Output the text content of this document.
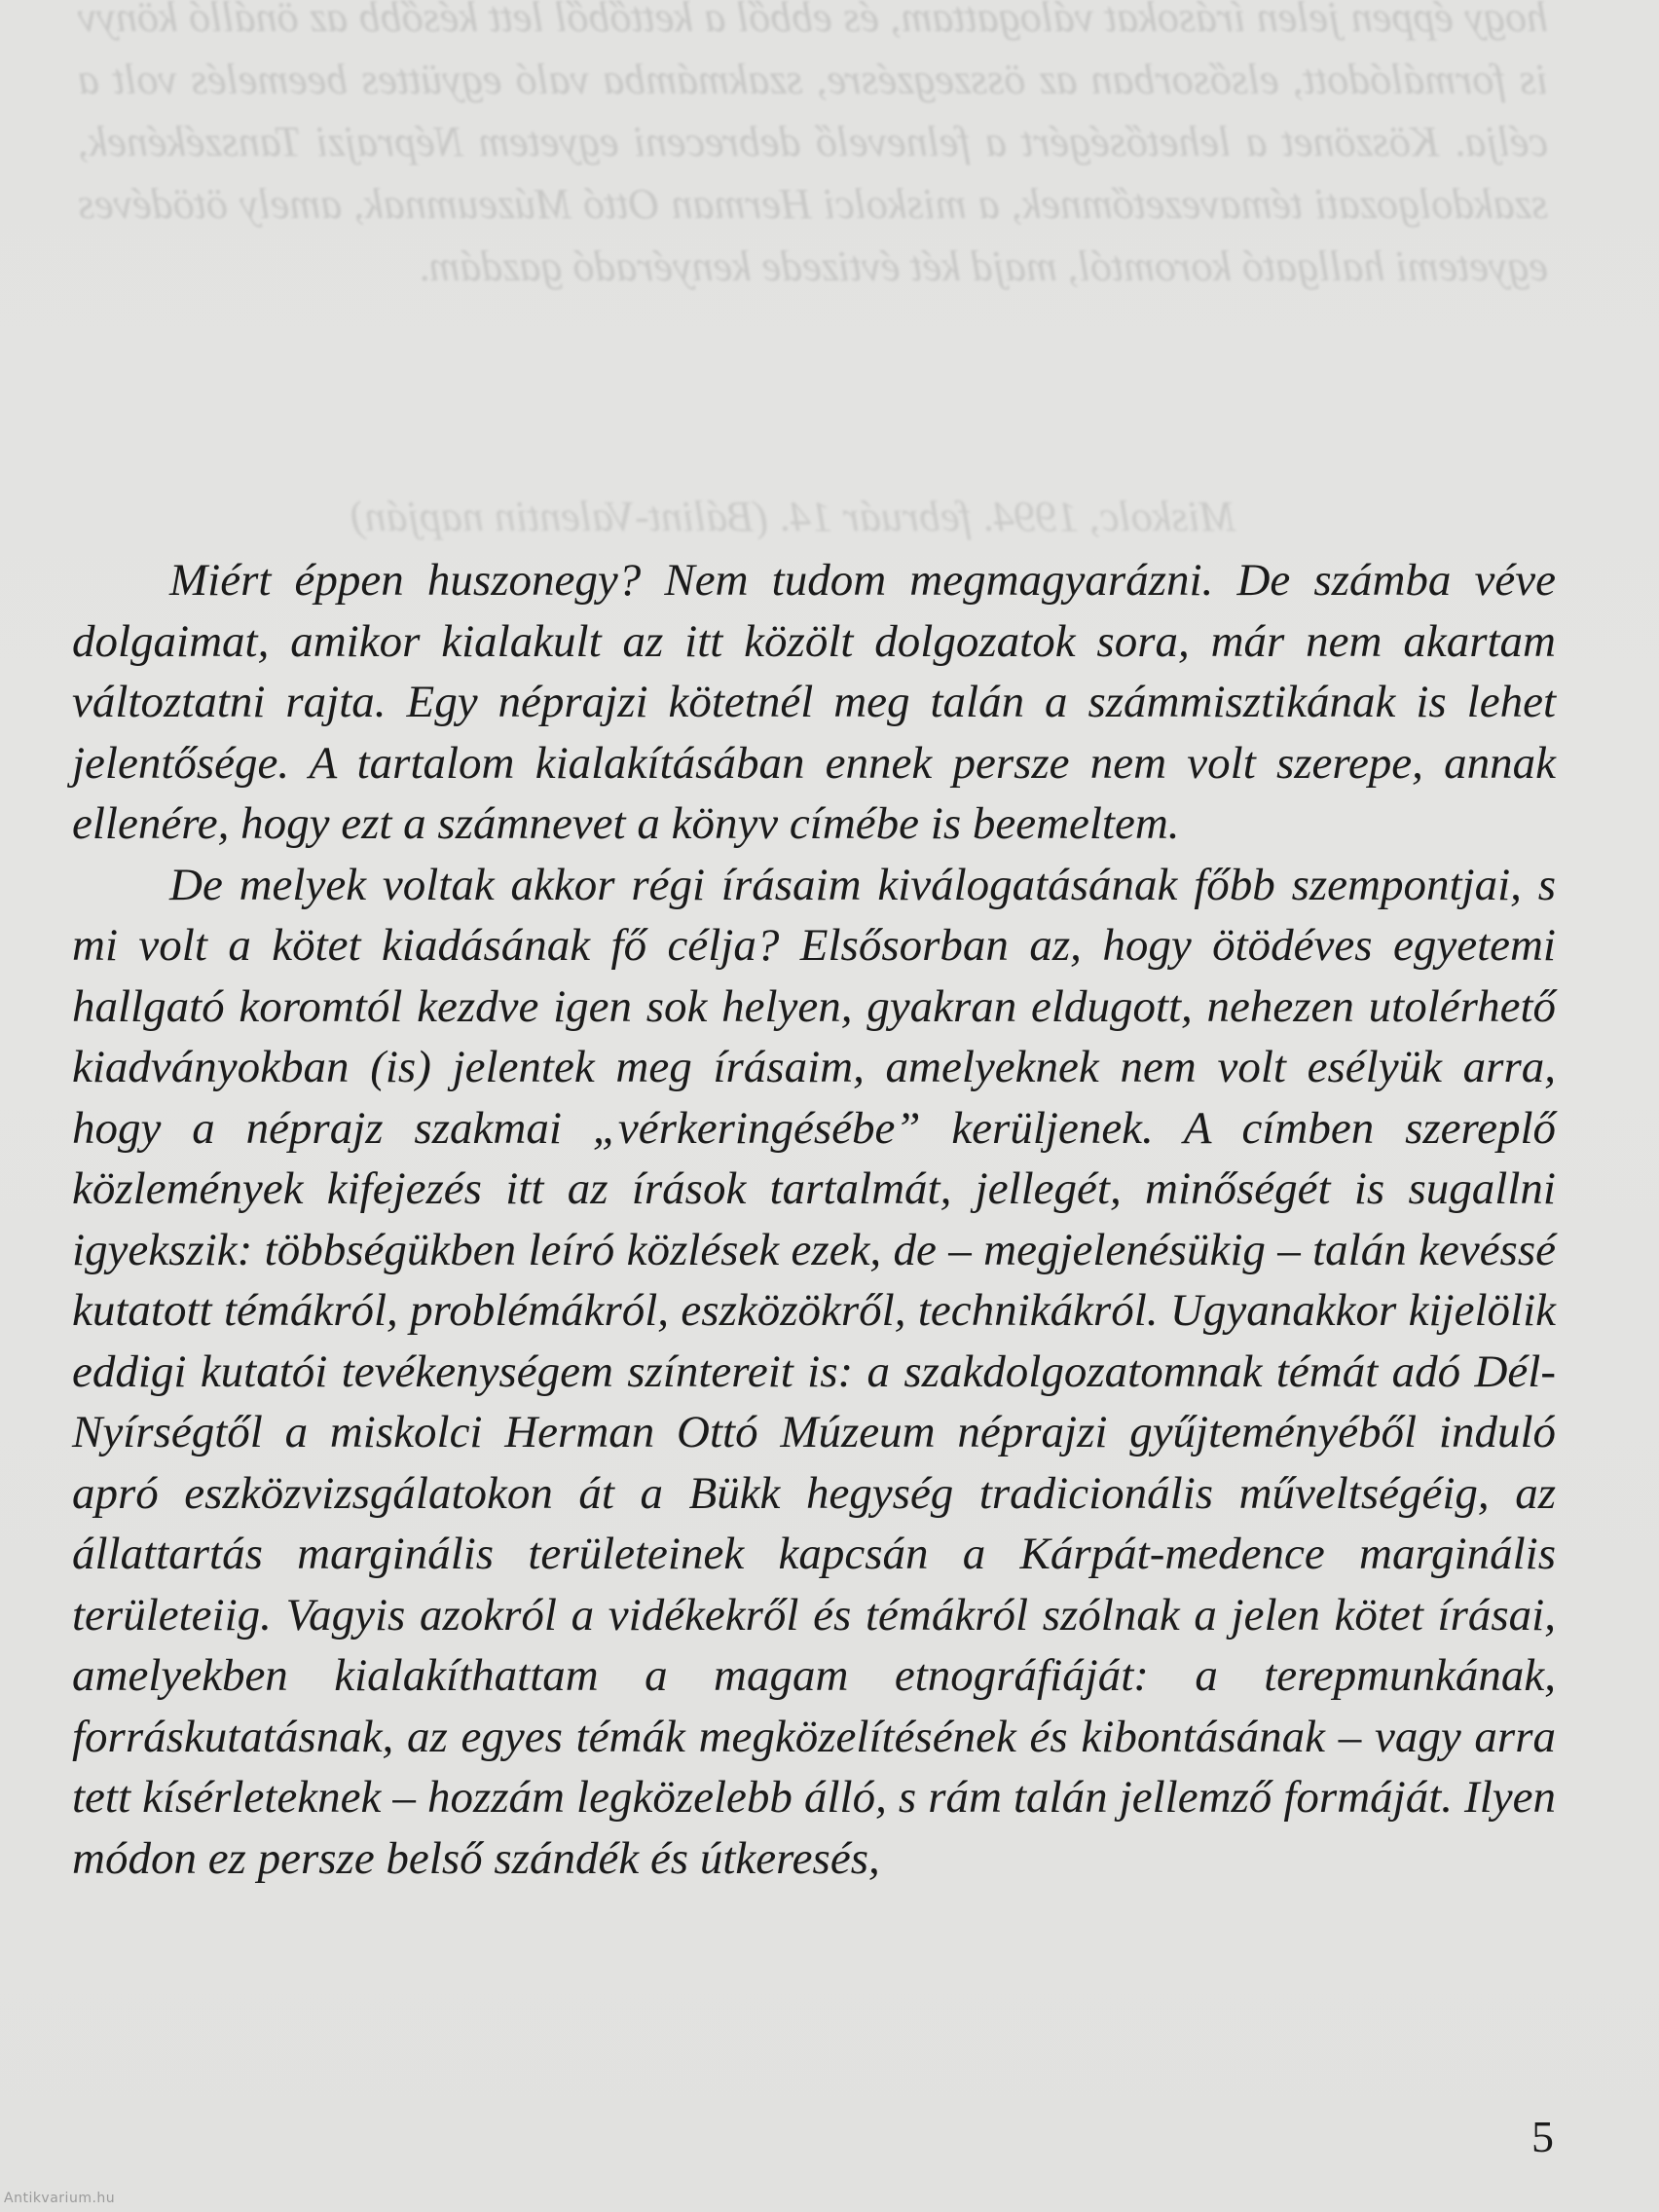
hogy éppen jelen írásokat válogattam, és ebből a kettőből lett később az önálló könyv is formálódott, elsősorban az összegzésre, szakmámba való együttes beemelés volt a célja. Köszönet a lehetőségért a felnevelő debreceni egyetem Néprajzi Tanszékének, szakdolgozati témavezetőmnek, a miskolci Herman Ottó Múzeumnak, amely ötödéves egyetemi hallgató koromtól, majd két évtizede kenyéradó gazdám.

Miskolc, 1994. február 14. (Bálint-Valentin napján)

Miért éppen huszonegy? Nem tudom megmagyarázni. De számba véve dolgaimat, amikor kialakult az itt közölt dolgozatok sora, már nem akartam változtatni rajta. Egy néprajzi kötetnél meg talán a számmisztikának is lehet jelentősége. A tartalom kialakításában ennek persze nem volt szerepe, annak ellenére, hogy ezt a számnevet a könyv címébe is beemeltem.

De melyek voltak akkor régi írásaim kiválogatásának főbb szempontjai, s mi volt a kötet kiadásának fő célja? Elsősorban az, hogy ötödéves egyetemi hallgató koromtól kezdve igen sok helyen, gyakran eldugott, nehezen utolérhető kiadványokban (is) jelentek meg írásaim, amelyeknek nem volt esélyük arra, hogy a néprajz szakmai „vérkeringésébe” kerüljenek. A címben szereplő közlemények kifejezés itt az írások tartalmát, jellegét, minőségét is sugallni igyekszik: többségükben leíró közlések ezek, de – megjelenésükig – talán kevéssé kutatott témákról, problémákról, eszközökről, technikákról. Ugyanakkor kijelölik eddigi kutatói tevékenységem színtereit is: a szakdolgozatomnak témát adó Dél-Nyírségtől a miskolci Herman Ottó Múzeum néprajzi gyűjteményéből induló apró eszközvizsgálatokon át a Bükk hegység tradicionális műveltségéig, az állattartás marginális területeinek kapcsán a Kárpát-medence marginális területeiig. Vagyis azokról a vidékekről és témákról szólnak a jelen kötet írásai, amelyekben kialakíthattam a magam etnográfiáját: a terepmunkának, forráskutatásnak, az egyes témák megközelítésének és kibontásának – vagy arra tett kísérleteknek – hozzám legközelebb álló, s rám talán jellemző formáját. Ilyen módon ez persze belső szándék és útkeresés,

5
Antikvarium.hu
